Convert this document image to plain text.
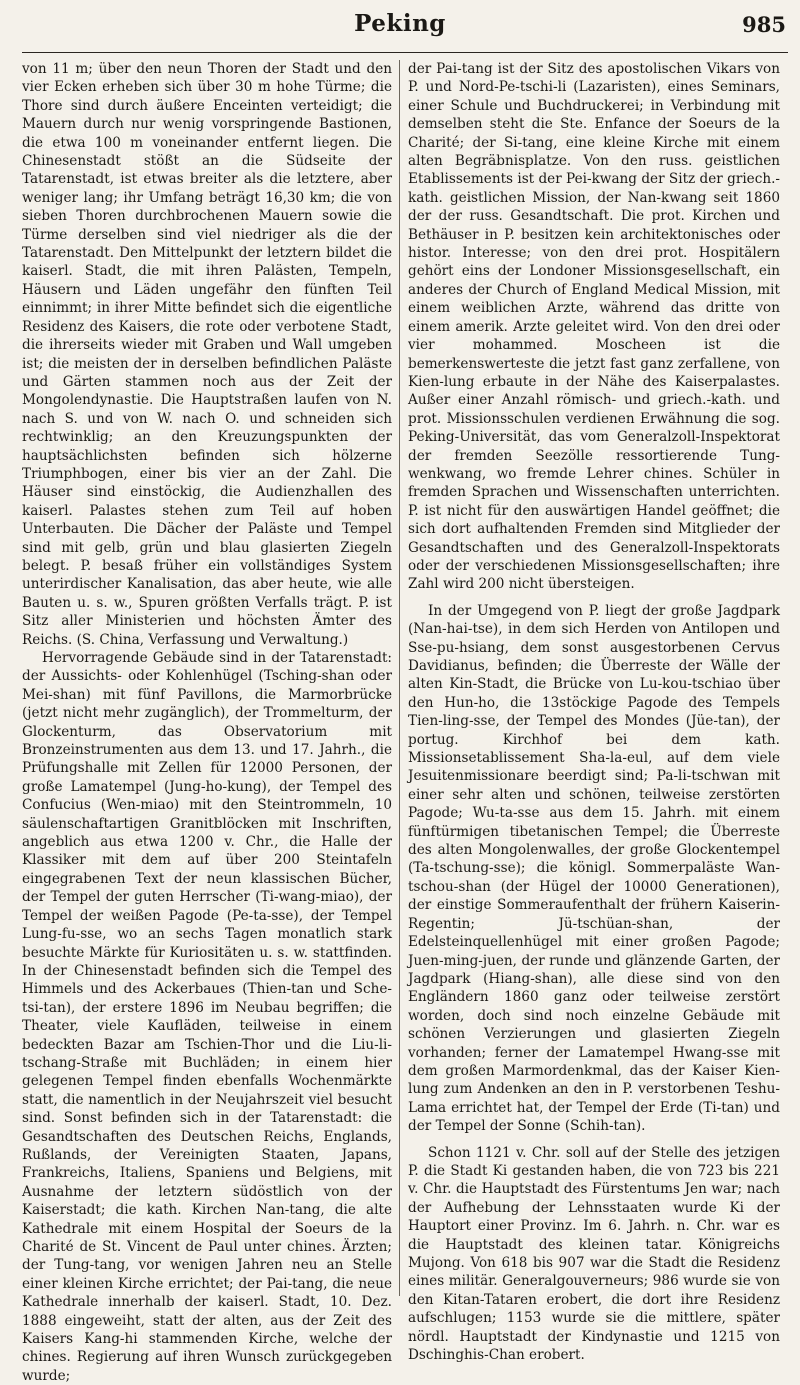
Peking	985

von 11 m; über den neun Thoren der Stadt und den vier Ecken erheben sich über 30 m hohe Türme; die Thore sind durch äußere Enceinten verteidigt; die Mauern durch nur wenig vorspringende Bastionen, die etwa 100 m voneinander entfernt liegen. Die Chinesenstadt stößt an die Südseite der Tatarenstadt, ist etwas breiter als die letztere, aber weniger lang; ihr Umfang beträgt 16,30 km; die von sieben Thoren durchbrochenen Mauern sowie die Türme derselben sind viel niedriger als die der Tatarenstadt. Den Mittelpunkt der letztern bildet die kaiserl. Stadt, die mit ihren Palästen, Tempeln, Häusern und Läden ungefähr den fünften Teil einnimmt; in ihrer Mitte befindet sich die eigentliche Residenz des Kaisers, die rote oder verbotene Stadt, die ihrerseits wieder mit Graben und Wall umgeben ist; die meisten der in derselben befindlichen Paläste und Gärten stammen noch aus der Zeit der Mongolendynastie. Die Hauptstraßen laufen von N. nach S. und von W. nach O. und schneiden sich rechtwinklig; an den Kreuzungspunkten der hauptsächlichsten befinden sich hölzerne Triumphbogen, einer bis vier an der Zahl. Die Häuser sind einstöckig, die Audienzhallen des kaiserl. Palastes stehen zum Teil auf hoben Unterbauten. Die Dächer der Paläste und Tempel sind mit gelb, grün und blau glasierten Ziegeln belegt. P. besaß früher ein vollständiges System unterirdischer Kanalisation, das aber heute, wie alle Bauten u. s. w., Spuren größten Verfalls trägt. P. ist Sitz aller Ministerien und höchsten Ämter des Reichs. (S. China, Verfassung und Verwaltung.)

Hervorragende Gebäude sind in der Tatarenstadt: der Aussichts- oder Kohlenhügel (Tsching-shan oder Mei-shan) mit fünf Pavillons, die Marmorbrücke (jetzt nicht mehr zugänglich), der Trommelturm, der Glockenturm, das Observatorium mit Bronzeinstrumenten aus dem 13. und 17. Jahrh., die Prüfungshalle mit Zellen für 12000 Personen, der große Lamatempel (Jung-ho-kung), der Tempel des Confucius (Wen-miao) mit den Steintrommeln, 10 säulenschaftartigen Granitblöcken mit Inschriften, angeblich aus etwa 1200 v. Chr., die Halle der Klassiker mit dem auf über 200 Steintafeln eingegrabenen Text der neun klassischen Bücher, der Tempel der guten Herrscher (Ti-wang-miao), der Tempel der weißen Pagode (Pe-ta-sse), der Tempel Lung-fu-sse, wo an sechs Tagen monatlich stark besuchte Märkte für Kuriositäten u. s. w. stattfinden. In der Chinesenstadt befinden sich die Tempel des Himmels und des Ackerbaues (Thien-tan und Sche-tsi-tan), der erstere 1896 im Neubau begriffen; die Theater, viele Kaufläden, teilweise in einem bedeckten Bazar am Tschien-Thor und die Liu-li-tschang-Straße mit Buchläden; in einem hier gelegenen Tempel finden ebenfalls Wochenmärkte statt, die namentlich in der Neujahrszeit viel besucht sind. Sonst befinden sich in der Tatarenstadt: die Gesandtschaften des Deutschen Reichs, Englands, Rußlands, der Vereinigten Staaten, Japans, Frankreichs, Italiens, Spaniens und Belgiens, mit Ausnahme der letztern südöstlich von der Kaiserstadt; die kath. Kirchen Nan-tang, die alte Kathedrale mit einem Hospital der Soeurs de la Charité de St. Vincent de Paul unter chines. Ärzten; der Tung-tang, vor wenigen Jahren neu an Stelle einer kleinen Kirche errichtet; der Pai-tang, die neue Kathedrale innerhalb der kaiserl. Stadt, 10. Dez. 1888 eingeweiht, statt der alten, aus der Zeit des Kaisers Kang-hi stammenden Kirche, welche der chines. Regierung auf ihren Wunsch zurückgegeben wurde;

der Pai-tang ist der Sitz des apostolischen Vikars von P. und Nord-Pe-tschi-li (Lazaristen), eines Seminars, einer Schule und Buchdruckerei; in Verbindung mit demselben steht die Ste. Enfance der Soeurs de la Charité; der Si-tang, eine kleine Kirche mit einem alten Begräbnisplatze. Von den russ. geistlichen Etablissements ist der Pei-kwang der Sitz der griech.-kath. geistlichen Mission, der Nan-kwang seit 1860 der der russ. Gesandtschaft. Die prot. Kirchen und Bethäuser in P. besitzen kein architektonisches oder histor. Interesse; von den drei prot. Hospitälern gehört eins der Londoner Missionsgesellschaft, ein anderes der Church of England Medical Mission, mit einem weiblichen Arzte, während das dritte von einem amerik. Arzte geleitet wird. Von den drei oder vier mohammed. Moscheen ist die bemerkenswerteste die jetzt fast ganz zerfallene, von Kien-lung erbaute in der Nähe des Kaiserpalastes. Außer einer Anzahl römisch- und griech.-kath. und prot. Missionsschulen verdienen Erwähnung die sog. Peking-Universität, das vom Generalzoll-Inspektorat der fremden Seezölle ressortierende Tung-wenkwang, wo fremde Lehrer chines. Schüler in fremden Sprachen und Wissenschaften unterrichten. P. ist nicht für den auswärtigen Handel geöffnet; die sich dort aufhaltenden Fremden sind Mitglieder der Gesandtschaften und des Generalzoll-Inspektorats oder der verschiedenen Missionsgesellschaften; ihre Zahl wird 200 nicht übersteigen.

In der Umgegend von P. liegt der große Jagdpark (Nan-hai-tse), in dem sich Herden von Antilopen und Sse-pu-hsiang, dem sonst ausgestorbenen Cervus Davidianus, befinden; die Überreste der Wälle der alten Kin-Stadt, die Brücke von Lu-kou-tschiao über den Hun-ho, die 13stöckige Pagode des Tempels Tien-ling-sse, der Tempel des Mondes (Jüe-tan), der portug. Kirchhof bei dem kath. Missionsetablissement Sha-la-eul, auf dem viele Jesuitenmissionare beerdigt sind; Pa-li-tschwan mit einer sehr alten und schönen, teilweise zerstörten Pagode; Wu-ta-sse aus dem 15. Jahrh. mit einem fünftürmigen tibetanischen Tempel; die Überreste des alten Mongolenwalles, der große Glockentempel (Ta-tschung-sse); die königl. Sommerpaläste Wan-tschou-shan (der Hügel der 10000 Generationen), der einstige Sommeraufenthalt der frühern Kaiserin-Regentin; Jü-tschüan-shan, der Edelsteinquellenhügel mit einer großen Pagode; Juen-ming-juen, der runde und glänzende Garten, der Jagdpark (Hiang-shan), alle diese sind von den Engländern 1860 ganz oder teilweise zerstört worden, doch sind noch einzelne Gebäude mit schönen Verzierungen und glasierten Ziegeln vorhanden; ferner der Lamatempel Hwang-sse mit dem großen Marmordenkmal, das der Kaiser Kien-lung zum Andenken an den in P. verstorbenen Teshu-Lama errichtet hat, der Tempel der Erde (Ti-tan) und der Tempel der Sonne (Schih-tan).

Schon 1121 v. Chr. soll auf der Stelle des jetzigen P. die Stadt Ki gestanden haben, die von 723 bis 221 v. Chr. die Hauptstadt des Fürstentums Jen war; nach der Aufhebung der Lehnsstaaten wurde Ki der Hauptort einer Provinz. Im 6. Jahrh. n. Chr. war es die Hauptstadt des kleinen tatar. Königreichs Mujong. Von 618 bis 907 war die Stadt die Residenz eines militär. Generalgouverneurs; 986 wurde sie von den Kitan-Tataren erobert, die dort ihre Residenz aufschlugen; 1153 wurde sie die mittlere, später nördl. Hauptstadt der Kindynastie und 1215 von Dschinghis-Chan erobert.
